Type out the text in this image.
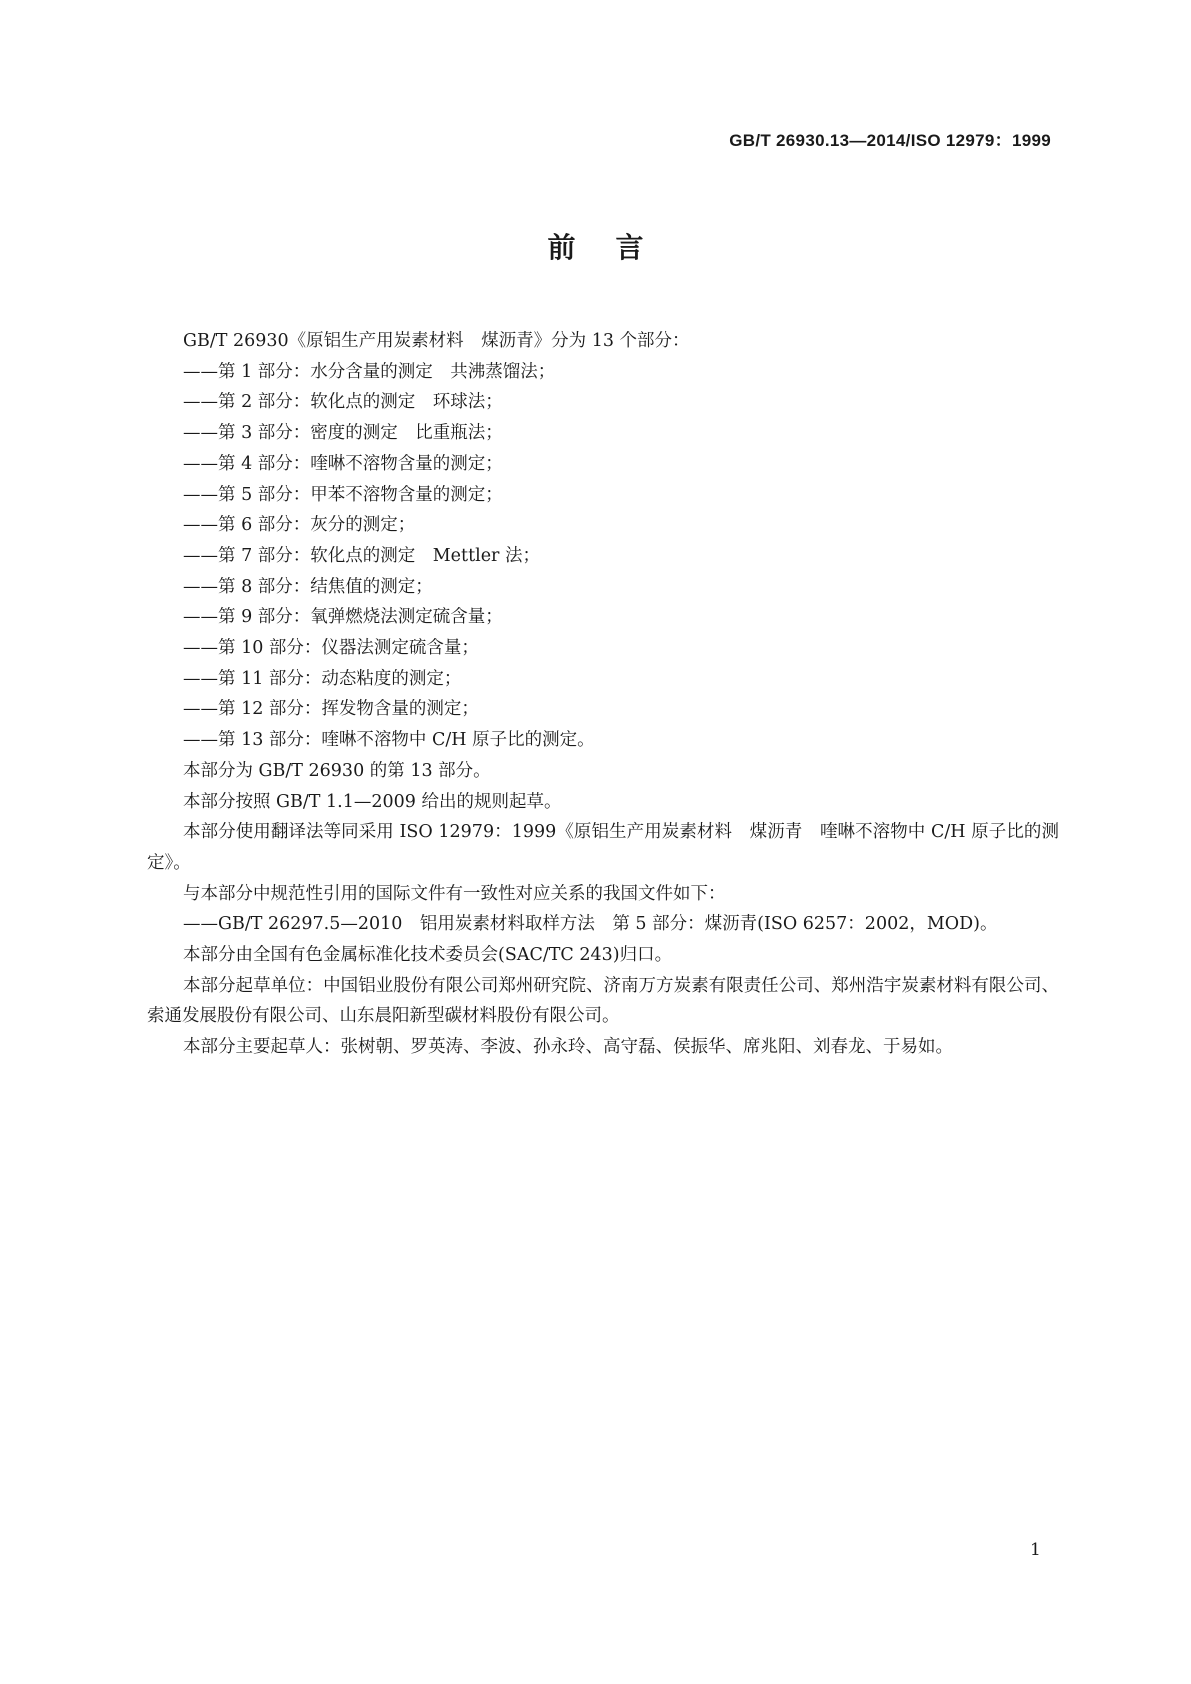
GB/T 26930.13—2014/ISO 12979：1999
前言

GB/T 26930《原铝生产用炭素材料　煤沥青》分为 13 个部分：

——第 1 部分：水分含量的测定　共沸蒸馏法；

——第 2 部分：软化点的测定　环球法；

——第 3 部分：密度的测定　比重瓶法；

——第 4 部分：喹啉不溶物含量的测定；

——第 5 部分：甲苯不溶物含量的测定；

——第 6 部分：灰分的测定；

——第 7 部分：软化点的测定　Mettler 法；

——第 8 部分：结焦值的测定；

——第 9 部分：氧弹燃烧法测定硫含量；

——第 10 部分：仪器法测定硫含量；

——第 11 部分：动态粘度的测定；

——第 12 部分：挥发物含量的测定；

——第 13 部分：喹啉不溶物中 C/H 原子比的测定。

本部分为 GB/T 26930 的第 13 部分。

本部分按照 GB/T 1.1—2009 给出的规则起草。

本部分使用翻译法等同采用 ISO 12979：1999《原铝生产用炭素材料　煤沥青　喹啉不溶物中 C/H 原子比的测定》。

与本部分中规范性引用的国际文件有一致性对应关系的我国文件如下：

——GB/T 26297.5—2010　铝用炭素材料取样方法　第 5 部分：煤沥青(ISO 6257：2002，MOD)。

本部分由全国有色金属标准化技术委员会(SAC/TC 243)归口。

本部分起草单位：中国铝业股份有限公司郑州研究院、济南万方炭素有限责任公司、郑州浩宇炭素材料有限公司、索通发展股份有限公司、山东晨阳新型碳材料股份有限公司。

本部分主要起草人：张树朝、罗英涛、李波、孙永玲、高守磊、侯振华、席兆阳、刘春龙、于易如。

1
